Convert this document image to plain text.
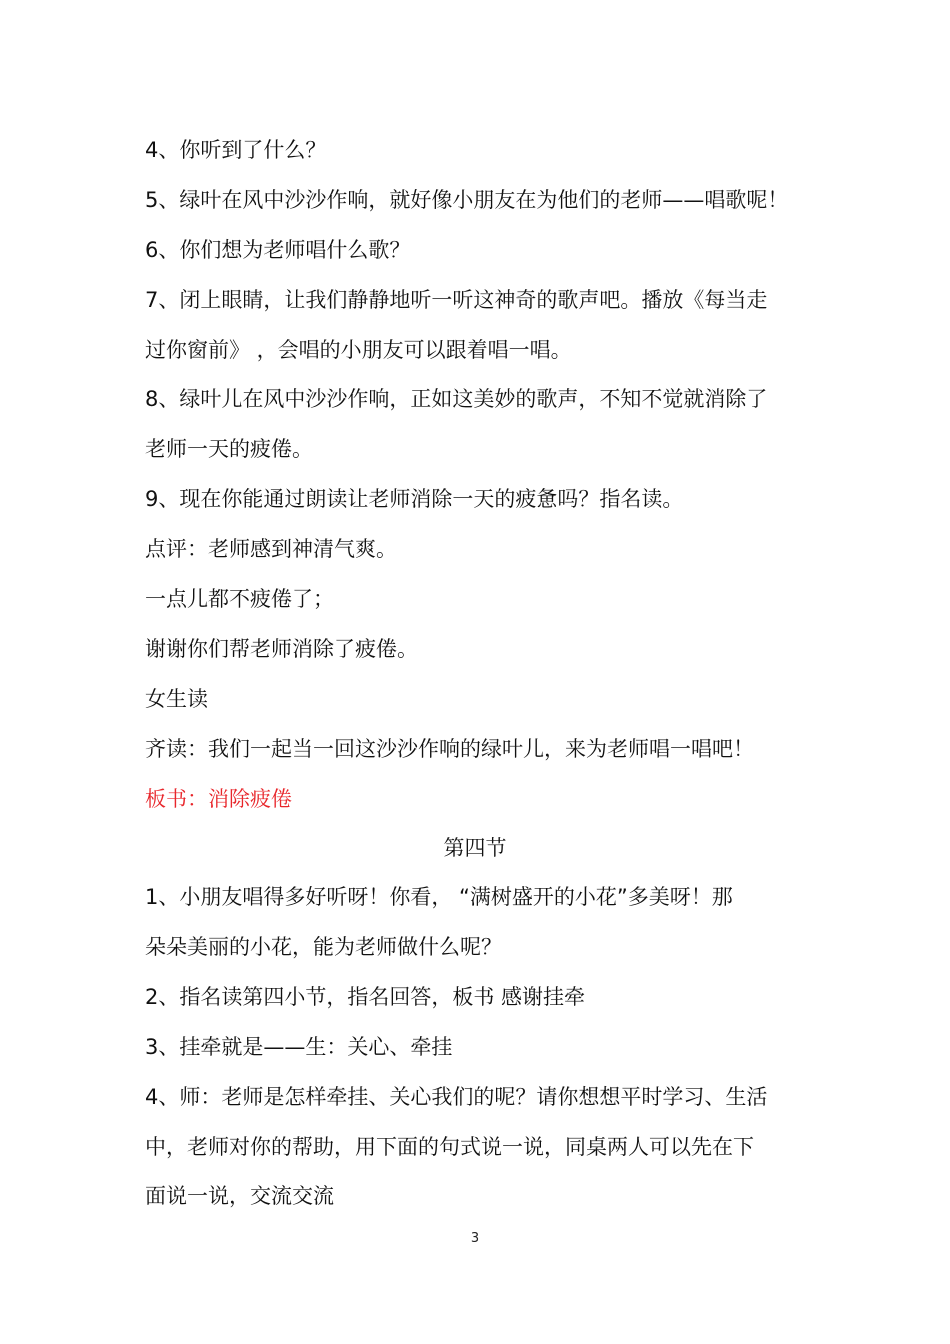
4、你听到了什么？
5、绿叶在风中沙沙作响，就好像小朋友在为他们的老师——唱歌呢！
6、你们想为老师唱什么歌？
7、闭上眼睛，让我们静静地听一听这神奇的歌声吧。播放《每当走
过你窗前》 ，会唱的小朋友可以跟着唱一唱。
8、绿叶儿在风中沙沙作响，正如这美妙的歌声，不知不觉就消除了
老师一天的疲倦。
9、现在你能通过朗读让老师消除一天的疲惫吗？指名读。
点评：老师感到神清气爽。
一点儿都不疲倦了；
谢谢你们帮老师消除了疲倦。
女生读
齐读：我们一起当一回这沙沙作响的绿叶儿，来为老师唱一唱吧！
板书：消除疲倦
第四节
1、小朋友唱得多好听呀！你看， “满树盛开的小花”多美呀！那
朵朵美丽的小花，能为老师做什么呢？
2、指名读第四小节，指名回答，板书 感谢挂牵
3、挂牵就是——生：关心、牵挂
4、师：老师是怎样牵挂、关心我们的呢？请你想想平时学习、生活
中，老师对你的帮助，用下面的句式说一说，同桌两人可以先在下
面说一说，交流交流
3
